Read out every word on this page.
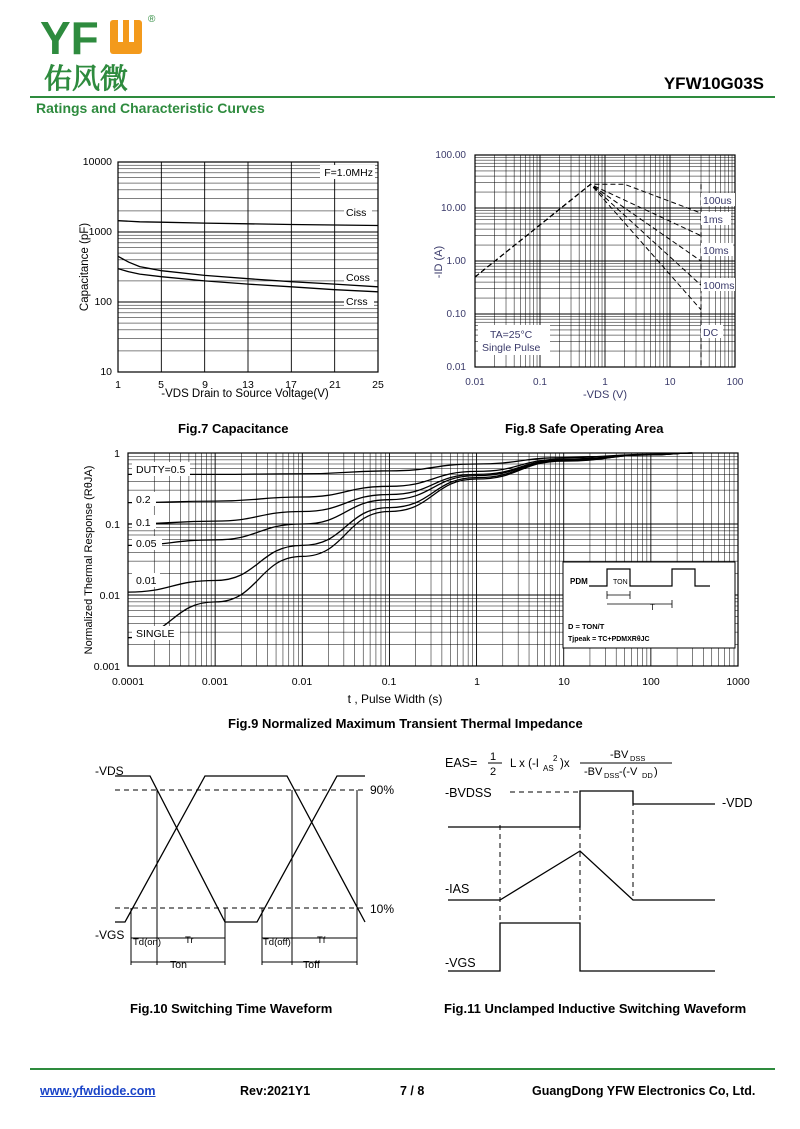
YF	®
佑风微	YFW10G03S
Ratings and Characteristic Curves
10000
1000
100
10
1	5	9	13	17	21	25
-VDS Drain to Source Voltage(V)
Capacitance (pF)
F=1.0MHz
Ciss
Coss
Crss
Fig.7 Capacitance
100.00
10.00
1.00
0.10
0.01
0.01	0.1	1	10	100
-VDS (V)
-ID (A)
100us
1ms
10ms
100ms
DC
TA=25°C
Single Pulse
Fig.8 Safe Operating Area
1
0.1
0.01
0.001
0.0001	0.001	0.01	0.1	1	10	100	1000
t , Pulse Width (s)
Normalized Thermal Response (RθJA)	DUTY=0.5
0.2
0.1
0.05
0.01
SINGLE
PDM	TON
T
D = TON/T
Tjpeak = TC+PDMXRθJC
Fig.9 Normalized Maximum Transient Thermal Impedance
-VDS
-VGS
90%
10%
Td(on)	Tr	Td(off)	Tf
Ton	Toff
Fig.10 Switching Time Waveform
EAS= 1
2
L x (-I AS
2 )x
-BV DSS
-BV DSS -(-V DD )
-BVDSS
-VDD
-IAS
-VGS
Fig.11 Unclamped Inductive Switching Waveform
www.yfwdiode.com	Rev:2021Y1	7 / 8	GuangDong YFW Electronics Co, Ltd.
